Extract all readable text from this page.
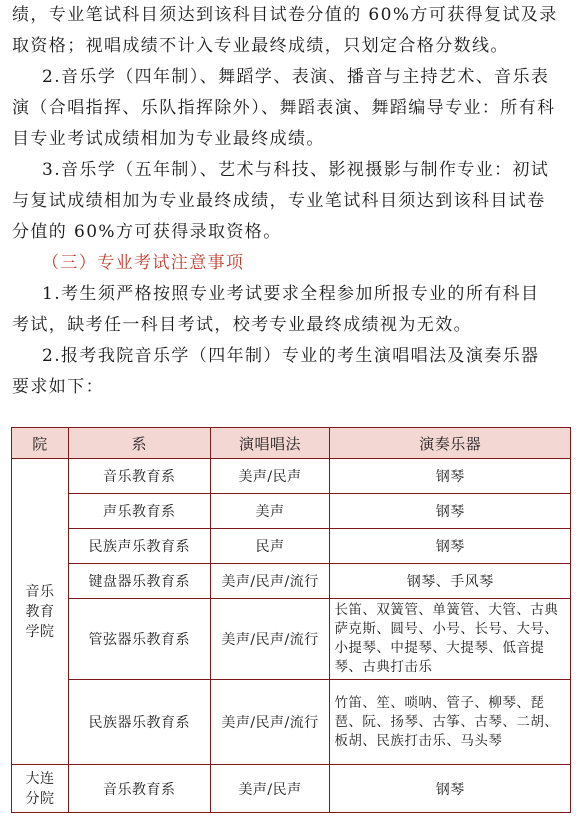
绩，专业笔试科目须达到该科目试卷分值的 60%方可获得复试及录
取资格；视唱成绩不计入专业最终成绩，只划定合格分数线。

2.音乐学（四年制）、舞蹈学、表演、播音与主持艺术、音乐表
演（合唱指挥、乐队指挥除外）、舞蹈表演、舞蹈编导专业：所有科
目专业考试成绩相加为专业最终成绩。

3.音乐学（五年制）、艺术与科技、影视摄影与制作专业：初试
与复试成绩相加为专业最终成绩，专业笔试科目须达到该科目试卷
分值的 60%方可获得录取资格。

（三）专业考试注意事项

1.考生须严格按照专业考试要求全程参加所报专业的所有科目
考试，缺考任一科目考试，校考专业最终成绩视为无效。

2.报考我院音乐学（四年制）专业的考生演唱唱法及演奏乐器
要求如下：

院	系	演唱唱法	演奏乐器

音乐教育学院	音乐教育系	美声/民声	钢琴
	声乐教育系	美声	钢琴
	民族声乐教育系	民声	钢琴
	键盘器乐教育系	美声/民声/流行	钢琴、手风琴
	管弦器乐教育系	美声/民声/流行	长笛、双簧管、单簧管、大管、古典萨克斯、圆号、小号、长号、大号、小提琴、中提琴、大提琴、低音提琴、古典打击乐
	民族器乐教育系	美声/民声/流行	竹笛、笙、唢呐、管子、柳琴、琵琶、阮、扬琴、古筝、古琴、二胡、板胡、民族打击乐、马头琴

大连分院	音乐教育系	美声/民声	钢琴
